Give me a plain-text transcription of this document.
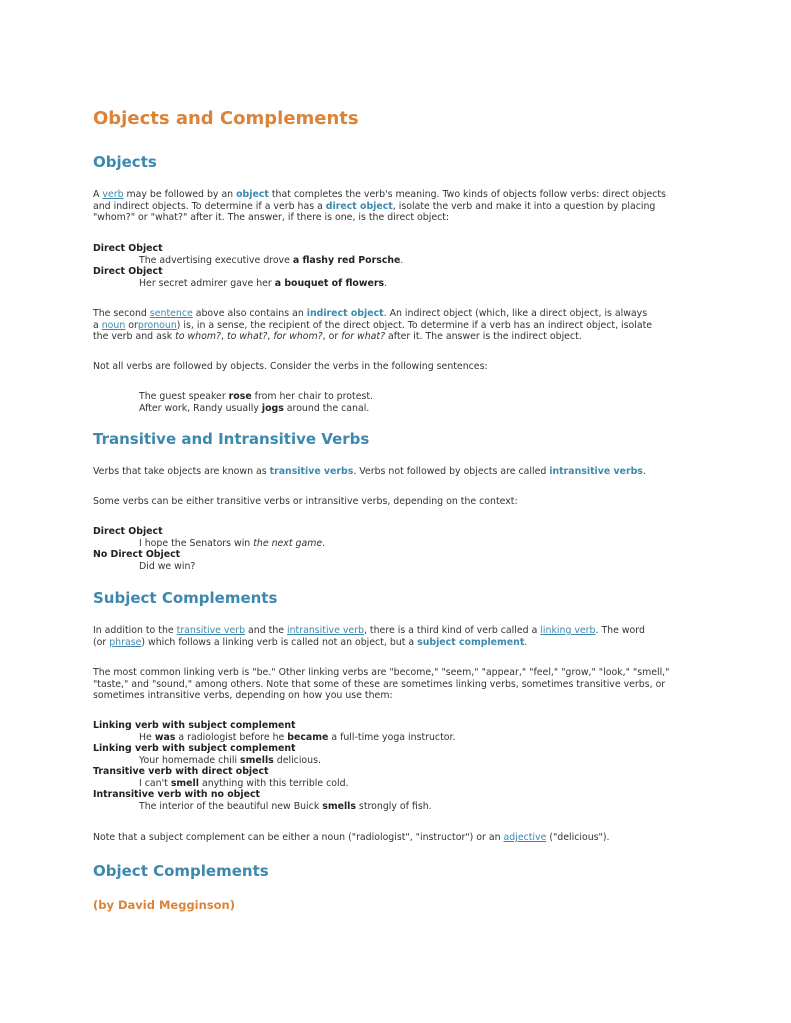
Objects and Complements
Objects
A verb may be followed by an object that completes the verb's meaning. Two kinds of objects follow verbs: direct objects
and indirect objects. To determine if a verb has a direct object, isolate the verb and make it into a question by placing
"whom?" or "what?" after it. The answer, if there is one, is the direct object:
Direct Object
The advertising executive drove a flashy red Porsche.
Direct Object
Her secret admirer gave her a bouquet of flowers.
The second sentence above also contains an indirect object. An indirect object (which, like a direct object, is always
a noun orpronoun) is, in a sense, the recipient of the direct object. To determine if a verb has an indirect object, isolate
the verb and ask to whom?, to what?, for whom?, or for what? after it. The answer is the indirect object.
Not all verbs are followed by objects. Consider the verbs in the following sentences:
The guest speaker rose from her chair to protest.
After work, Randy usually jogs around the canal.
Transitive and Intransitive Verbs
Verbs that take objects are known as transitive verbs. Verbs not followed by objects are called intransitive verbs.
Some verbs can be either transitive verbs or intransitive verbs, depending on the context:
Direct Object
I hope the Senators win the next game.
No Direct Object
Did we win?
Subject Complements
In addition to the transitive verb and the intransitive verb, there is a third kind of verb called a linking verb. The word
(or phrase) which follows a linking verb is called not an object, but a subject complement.
The most common linking verb is "be." Other linking verbs are "become," "seem," "appear," "feel," "grow," "look," "smell,"
"taste," and "sound," among others. Note that some of these are sometimes linking verbs, sometimes transitive verbs, or
sometimes intransitive verbs, depending on how you use them:
Linking verb with subject complement
He was a radiologist before he became a full-time yoga instructor.
Linking verb with subject complement
Your homemade chili smells delicious.
Transitive verb with direct object
I can't smell anything with this terrible cold.
Intransitive verb with no object
The interior of the beautiful new Buick smells strongly of fish.
Note that a subject complement can be either a noun ("radiologist", "instructor") or an adjective ("delicious").
Object Complements
(by David Megginson)
